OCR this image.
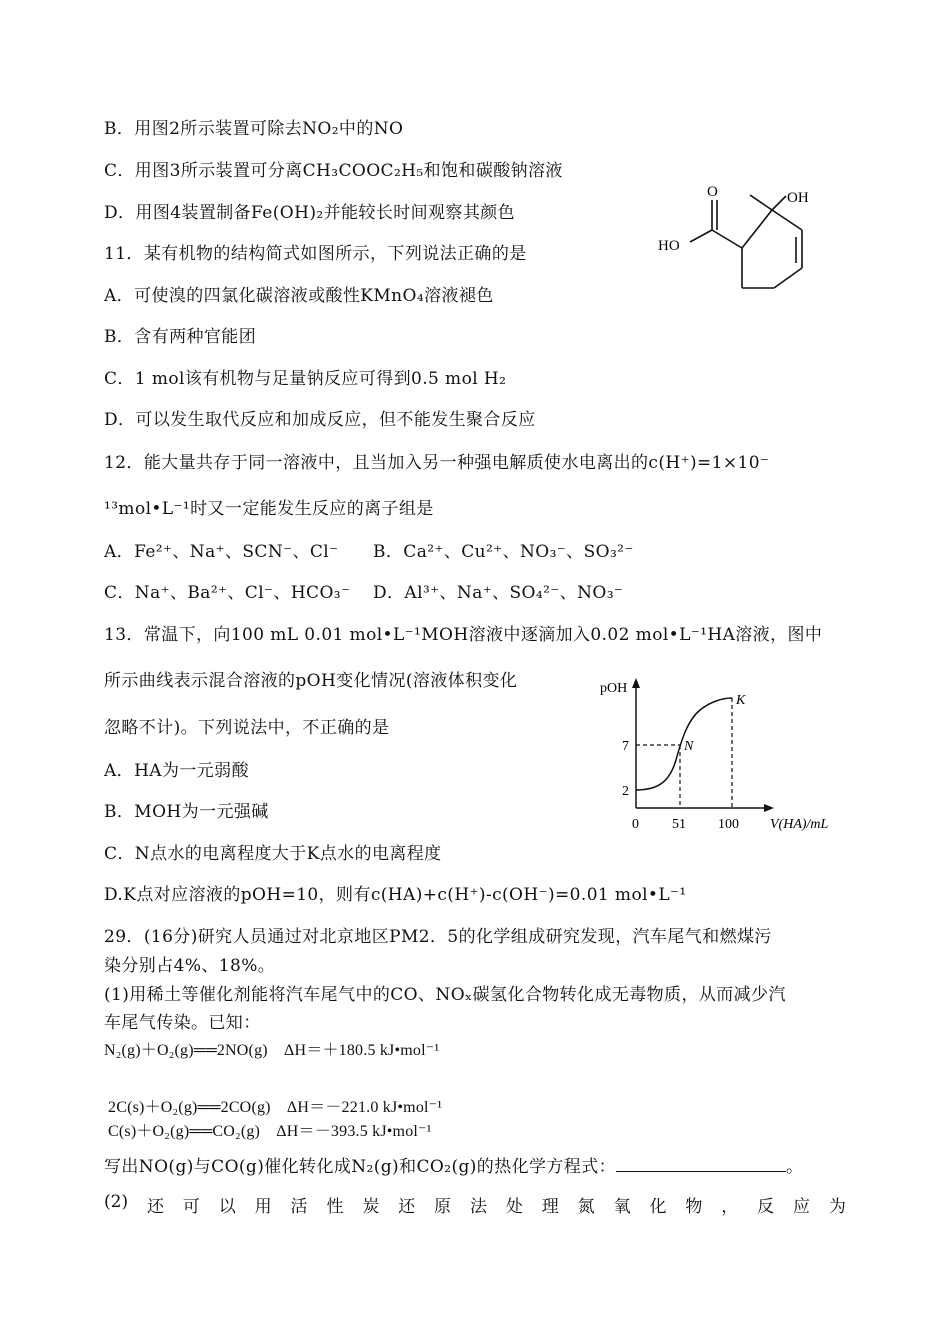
B．用图2所示装置可除去NO₂中的NO
C．用图3所示装置可分离CH₃COOC₂H₅和饱和碳酸钠溶液
D．用图4装置制备Fe(OH)₂并能较长时间观察其颜色
11．某有机物的结构简式如图所示，下列说法正确的是
A．可使溴的四氯化碳溶液或酸性KMnO₄溶液褪色
B．含有两种官能团
C．1 mol该有机物与足量钠反应可得到0.5 mol H₂
D．可以发生取代反应和加成反应，但不能发生聚合反应
O
HO
OH
12．能大量共存于同一溶液中，且当加入另一种强电解质使水电离出的c(H⁺)=1×10⁻
¹³mol•L⁻¹时又一定能发生反应的离子组是
A．Fe²⁺、Na⁺、SCN⁻、Cl⁻ B．Ca²⁺、Cu²⁺、NO₃⁻、SO₃²⁻
C．Na⁺、Ba²⁺、Cl⁻、HCO₃⁻ D．Al³⁺、Na⁺、SO₄²⁻、NO₃⁻
13．常温下，向100 mL 0.01 mol•L⁻¹MOH溶液中逐滴加入0.02 mol•L⁻¹HA溶液，图中
所示曲线表示混合溶液的pOH变化情况(溶液体积变化
忽略不计)。下列说法中，不正确的是
A．HA为一元弱酸
B．MOH为一元强碱
C．N点水的电离程度大于K点水的电离程度
D.K点对应溶液的pOH=10，则有c(HA)+c(H⁺)-c(OH⁻)=0.01 mol•L⁻¹
pOH
K
N
7
2
0 51 100 V(HA)/mL
29．(16分)研究人员通过对北京地区PM2．5的化学组成研究发现，汽车尾气和燃煤污
染分别占4%、18%。
(1)用稀土等催化剂能将汽车尾气中的CO、NOₓ碳氢化合物转化成无毒物质，从而减少汽
车尾气传染。已知：
N₂(g)＋O₂(g)══2NO(g)　ΔH＝＋180.5 kJ•mol⁻¹
2C(s)＋O₂(g)══2CO(g)　ΔH＝－221.0 kJ•mol⁻¹
C(s)＋O₂(g)══CO₂(g)　ΔH＝－393.5 kJ•mol⁻¹
写出NO(g)与CO(g)催化转化成N₂(g)和CO₂(g)的热化学方程式：	。
(2) 还 可 以 用 活 性 炭 还 原 法 处 理 氮 氧 化 物 ， 反 应 为
